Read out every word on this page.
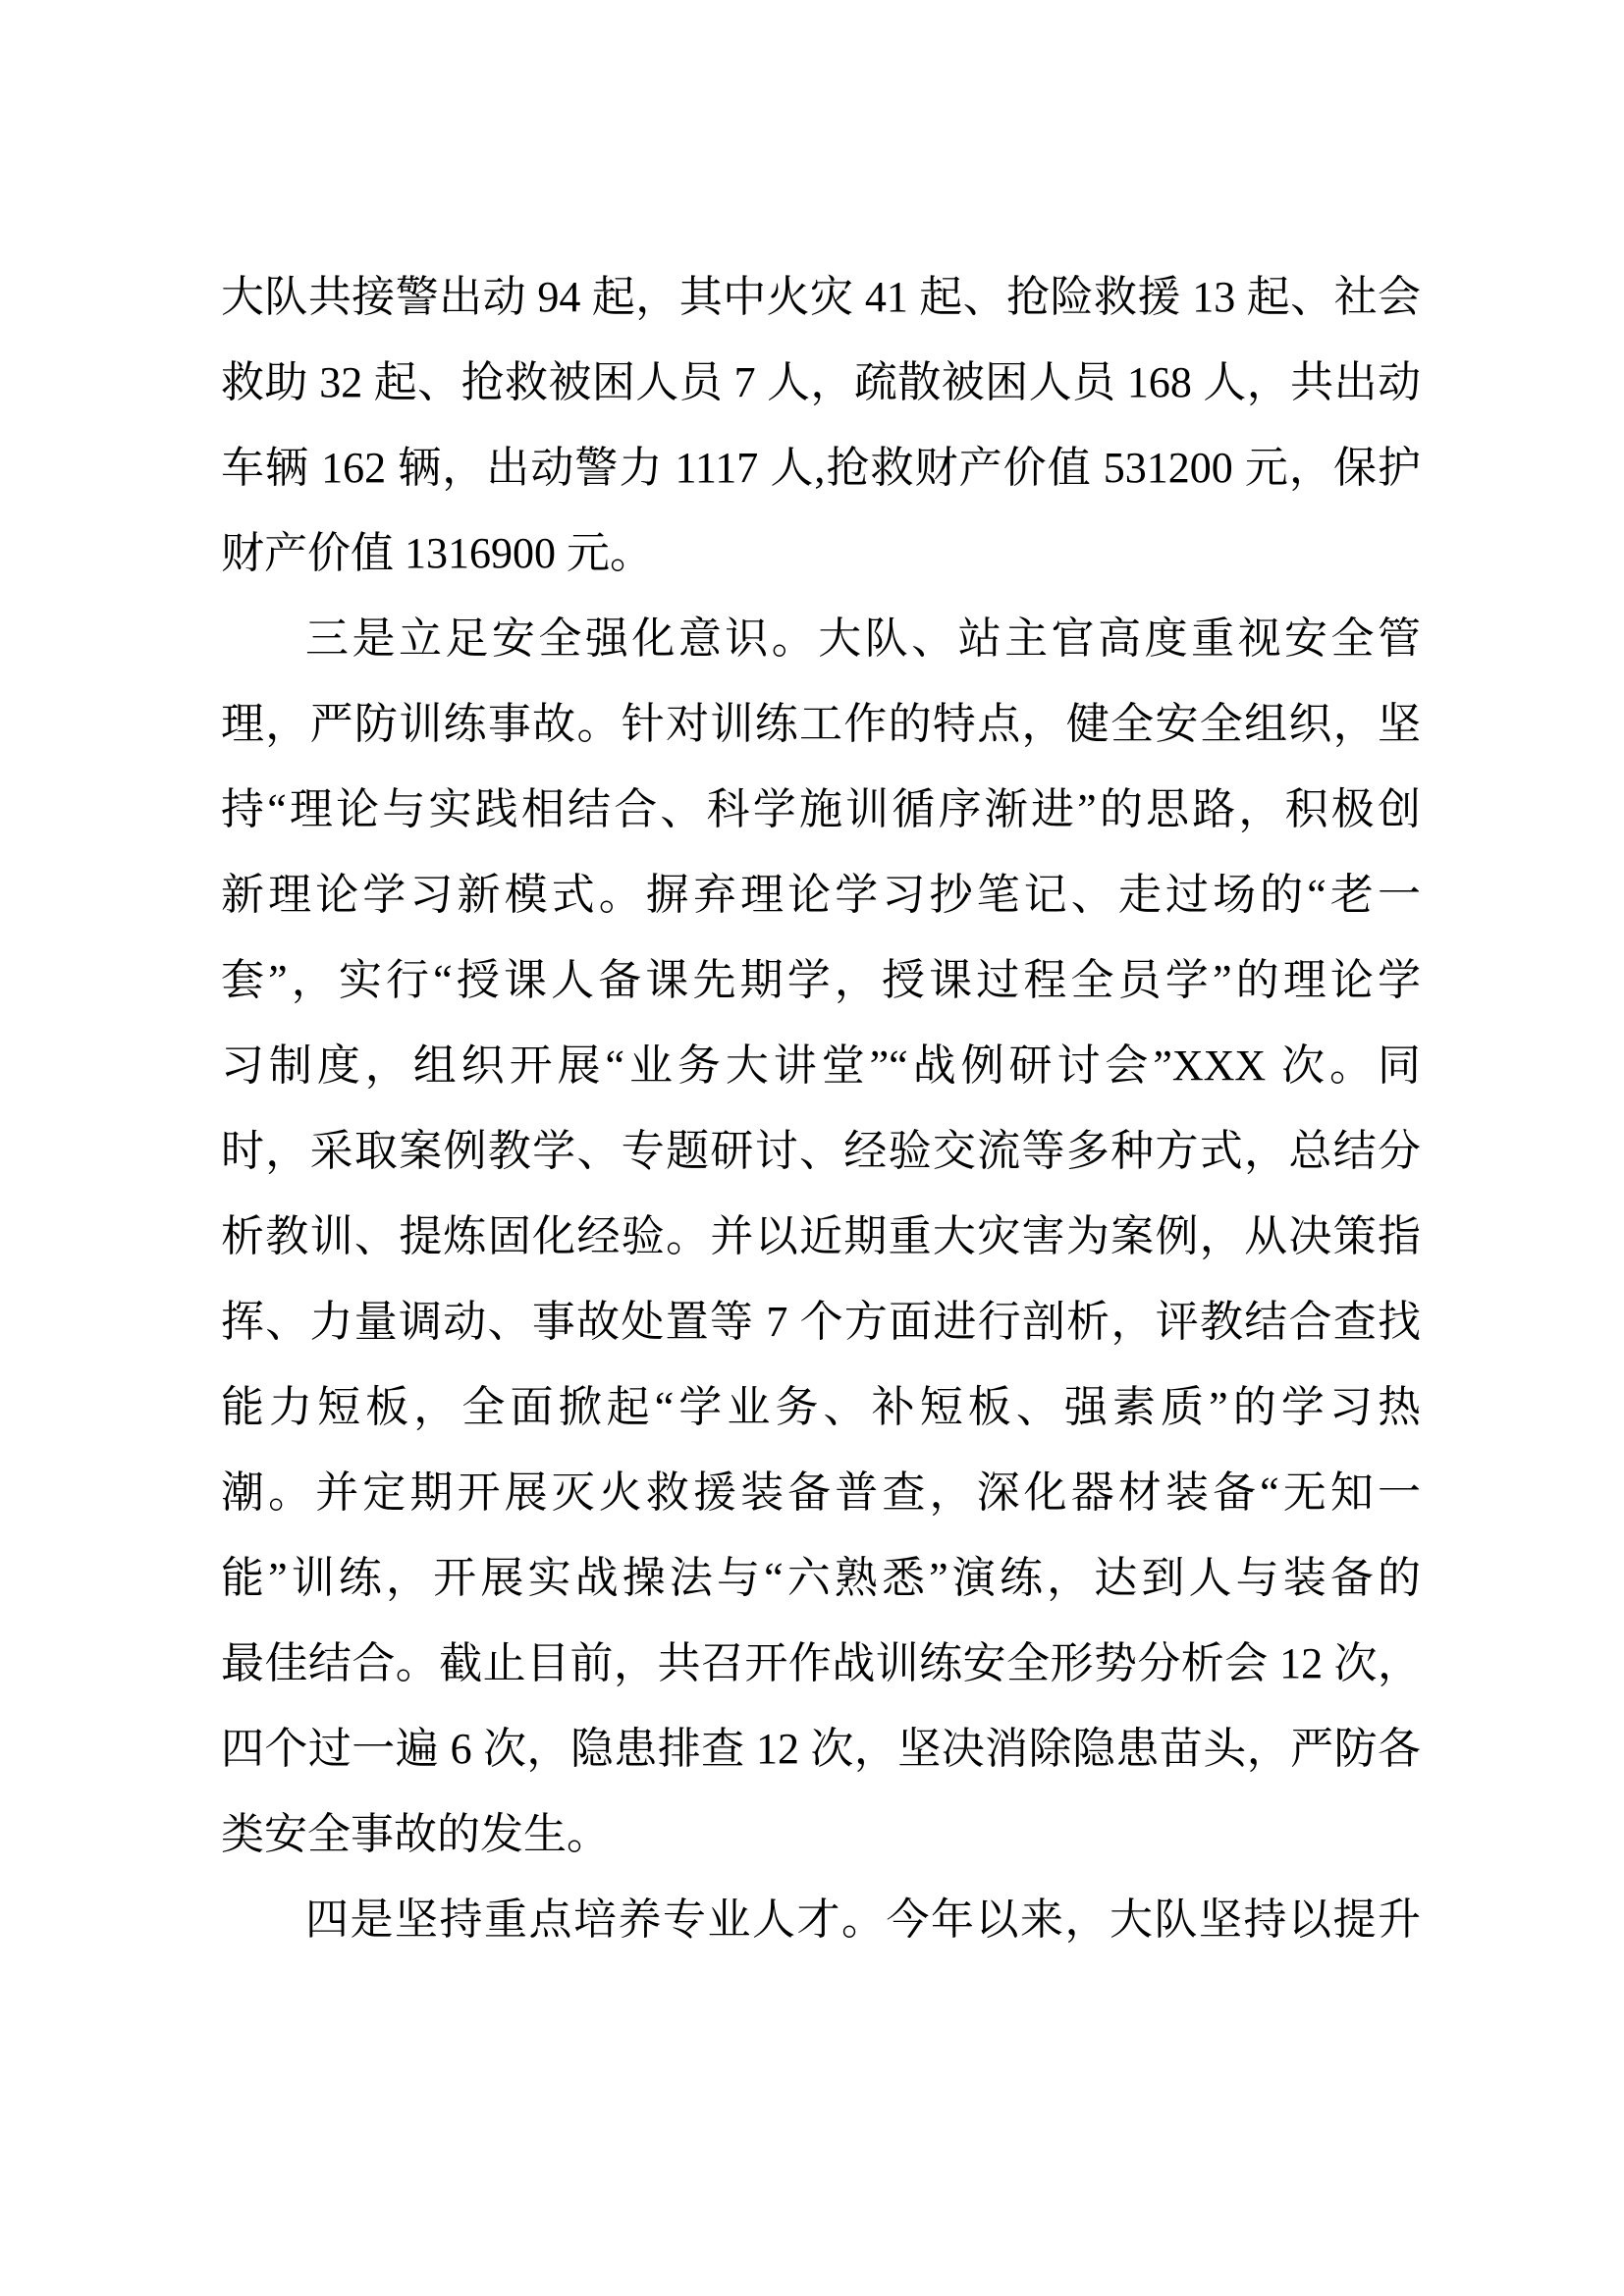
大队共接警出动 94 起，其中火灾 41 起、抢险救援 13 起、社会
救助 32 起、抢救被困人员 7 人，疏散被困人员 168 人，共出动
车辆 162 辆，出动警力 1117 人,抢救财产价值 531200 元，保护
财产价值 1316900 元。
三是立足安全强化意识。大队、站主官高度重视安全管
理，严防训练事故。针对训练工作的特点，健全安全组织，坚
持“理论与实践相结合、科学施训循序渐进”的思路，积极创
新理论学习新模式。摒弃理论学习抄笔记、走过场的“老一
套”，实行“授课人备课先期学，授课过程全员学”的理论学
习制度，组织开展“业务大讲堂”“战例研讨会”XXX 次。同
时，采取案例教学、专题研讨、经验交流等多种方式，总结分
析教训、提炼固化经验。并以近期重大灾害为案例，从决策指
挥、力量调动、事故处置等 7 个方面进行剖析，评教结合查找
能力短板，全面掀起“学业务、补短板、强素质”的学习热
潮。并定期开展灭火救援装备普查，深化器材装备“无知一
能”训练，开展实战操法与“六熟悉”演练，达到人与装备的
最佳结合。截止目前，共召开作战训练安全形势分析会 12 次，
四个过一遍 6 次，隐患排查 12 次，坚决消除隐患苗头，严防各
类安全事故的发生。
四是坚持重点培养专业人才。今年以来，大队坚持以提升
